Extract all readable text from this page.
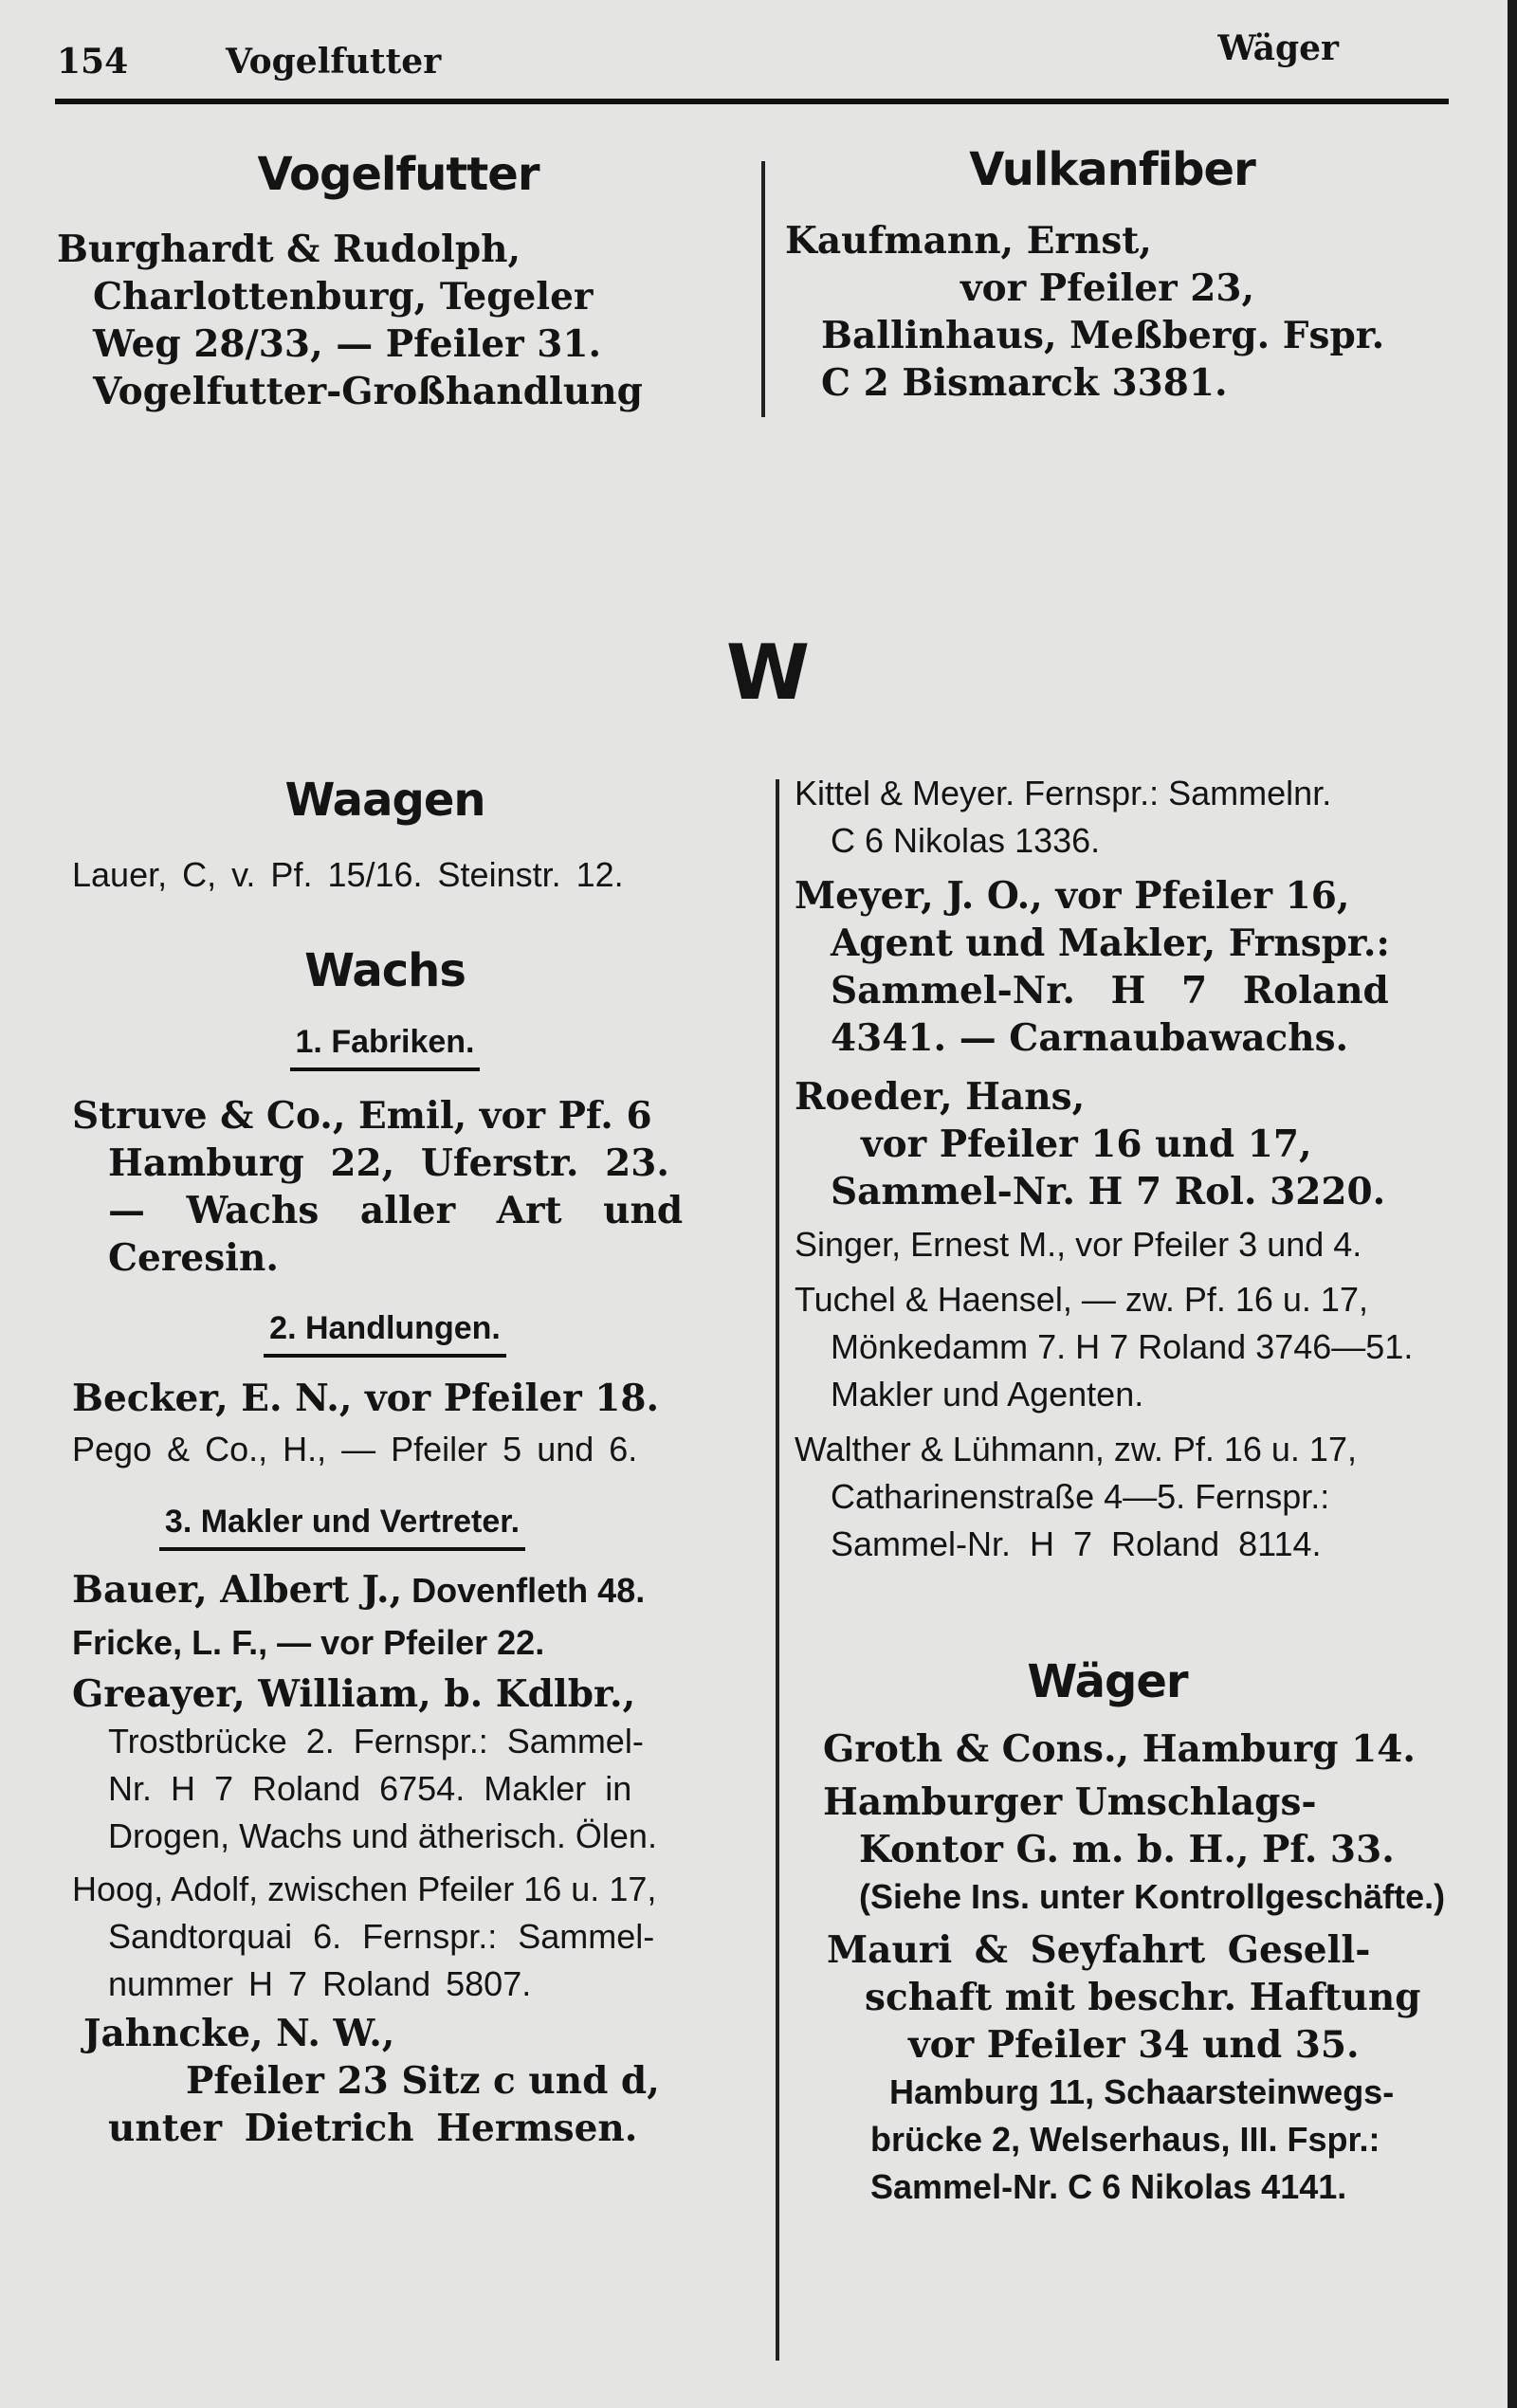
154	Vogelfutter	Wäger
Vogelfutter
Burghardt & Rudolph,
Charlottenburg, Tegeler
Weg 28/33, — Pfeiler 31.
Vogelfutter-Großhandlung
Vulkanfiber
Kaufmann, Ernst,
vor Pfeiler 23,
Ballinhaus, Meßberg. Fspr.
C 2 Bismarck 3381.
W
Waagen
Lauer, C, v. Pf. 15/16. Steinstr. 12.
Wachs
1. Fabriken.
Struve & Co., Emil, vor Pf. 6
Hamburg 22, Uferstr. 23.
— Wachs aller Art und
Ceresin.
2. Handlungen.
Becker, E. N., vor Pfeiler 18.
Pego & Co., H., — Pfeiler 5 und 6.
3. Makler und Vertreter.
Bauer, Albert J., Dovenfleth 48.
Fricke, L. F., — vor Pfeiler 22.
Greayer, William, b. Kdlbr.,
Trostbrücke 2. Fernspr.: Sammel-
Nr. H 7 Roland 6754. Makler in
Drogen, Wachs und ätherisch. Ölen.
Hoog, Adolf, zwischen Pfeiler 16 u. 17,
Sandtorquai 6. Fernspr.: Sammel-
nummer H 7 Roland 5807.
Jahncke, N. W.,
Pfeiler 23 Sitz c und d,
unter Dietrich Hermsen.
Kittel & Meyer. Fernspr.: Sammelnr.
C 6 Nikolas 1336.
Meyer, J. O., vor Pfeiler 16,
Agent und Makler, Frnspr.:
Sammel-Nr. H 7 Roland
4341. — Carnaubawachs.
Roeder, Hans,
vor Pfeiler 16 und 17,
Sammel-Nr. H 7 Rol. 3220.
Singer, Ernest M., vor Pfeiler 3 und 4.
Tuchel & Haensel, — zw. Pf. 16 u. 17,
Mönkedamm 7. H 7 Roland 3746—51.
Makler und Agenten.
Walther & Lühmann, zw. Pf. 16 u. 17,
Catharinenstraße 4—5. Fernspr.:
Sammel-Nr. H 7 Roland 8114.
Wäger
Groth & Cons., Hamburg 14.
Hamburger Umschlags-
Kontor G. m. b. H., Pf. 33.
(Siehe Ins. unter Kontrollgeschäfte.)
Mauri & Seyfahrt Gesell-
schaft mit beschr. Haftung
vor Pfeiler 34 und 35.
Hamburg 11, Schaarsteinwegs-
brücke 2, Welserhaus, III. Fspr.:
Sammel-Nr. C 6 Nikolas 4141.
